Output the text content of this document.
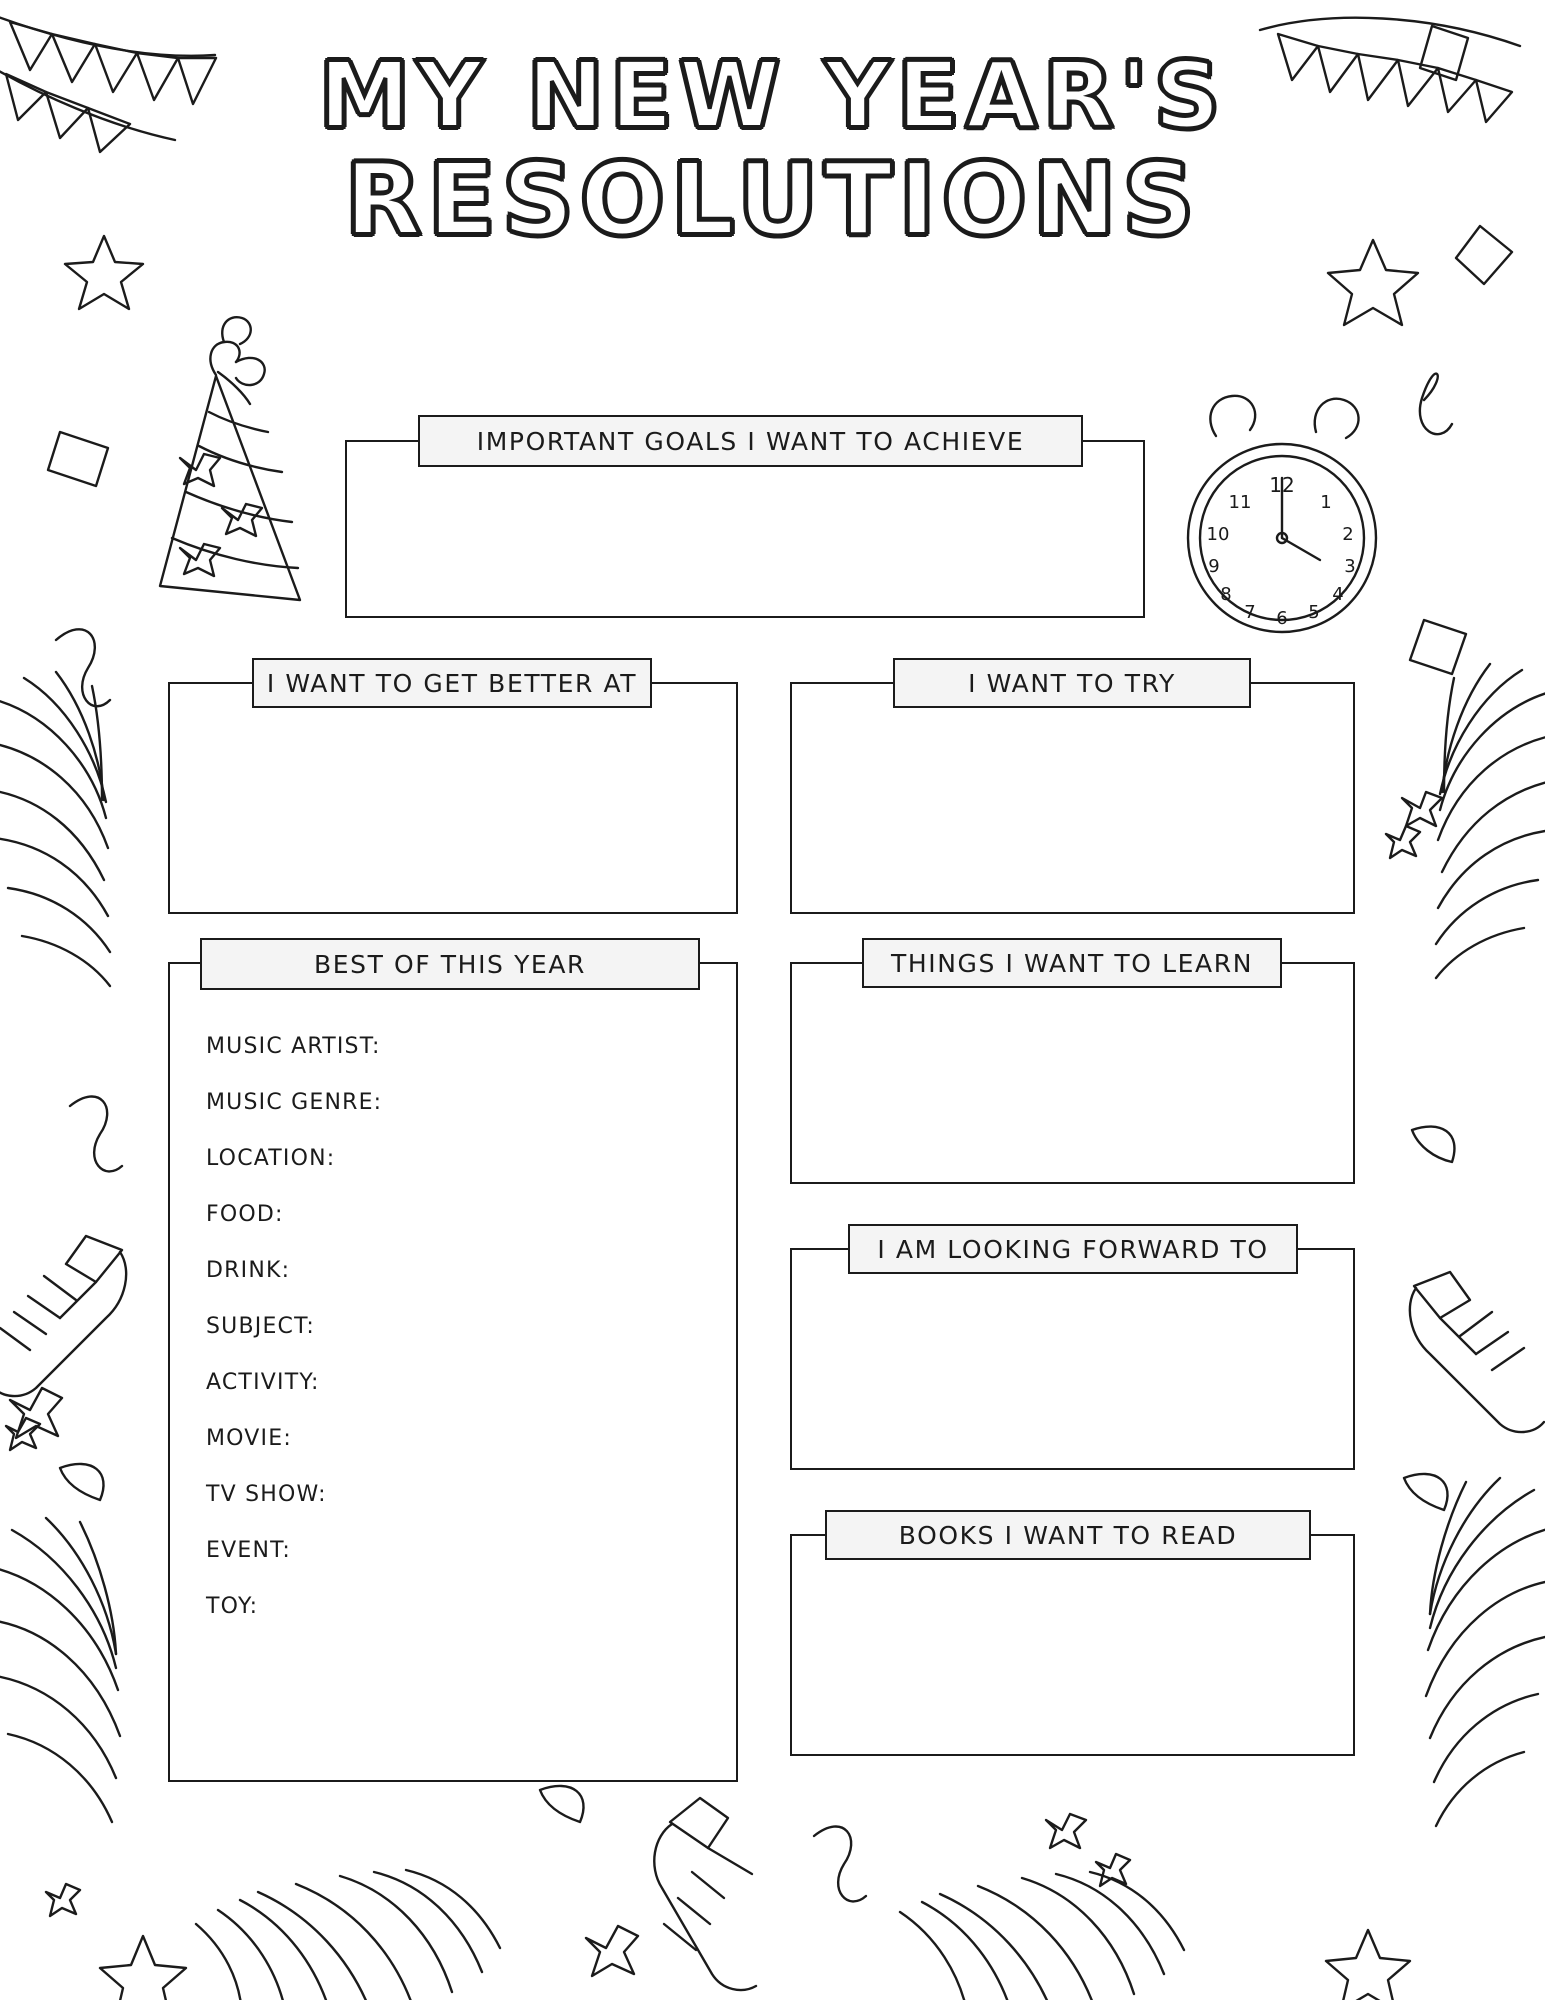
12
1
2
3
4
5
6
7
8
9
10
11
MY NEW YEAR'S
RESOLUTIONS
IMPORTANT GOALS I WANT TO ACHIEVE
I WANT TO GET BETTER AT	I WANT TO TRY
MUSIC ARTIST:
MUSIC GENRE:
LOCATION:
FOOD:
DRINK:
SUBJECT:
ACTIVITY:
MOVIE:
TV SHOW:
EVENT:
TOY:
BEST OF THIS YEAR	THINGS I WANT TO LEARN
I AM LOOKING FORWARD TO
BOOKS I WANT TO READ
